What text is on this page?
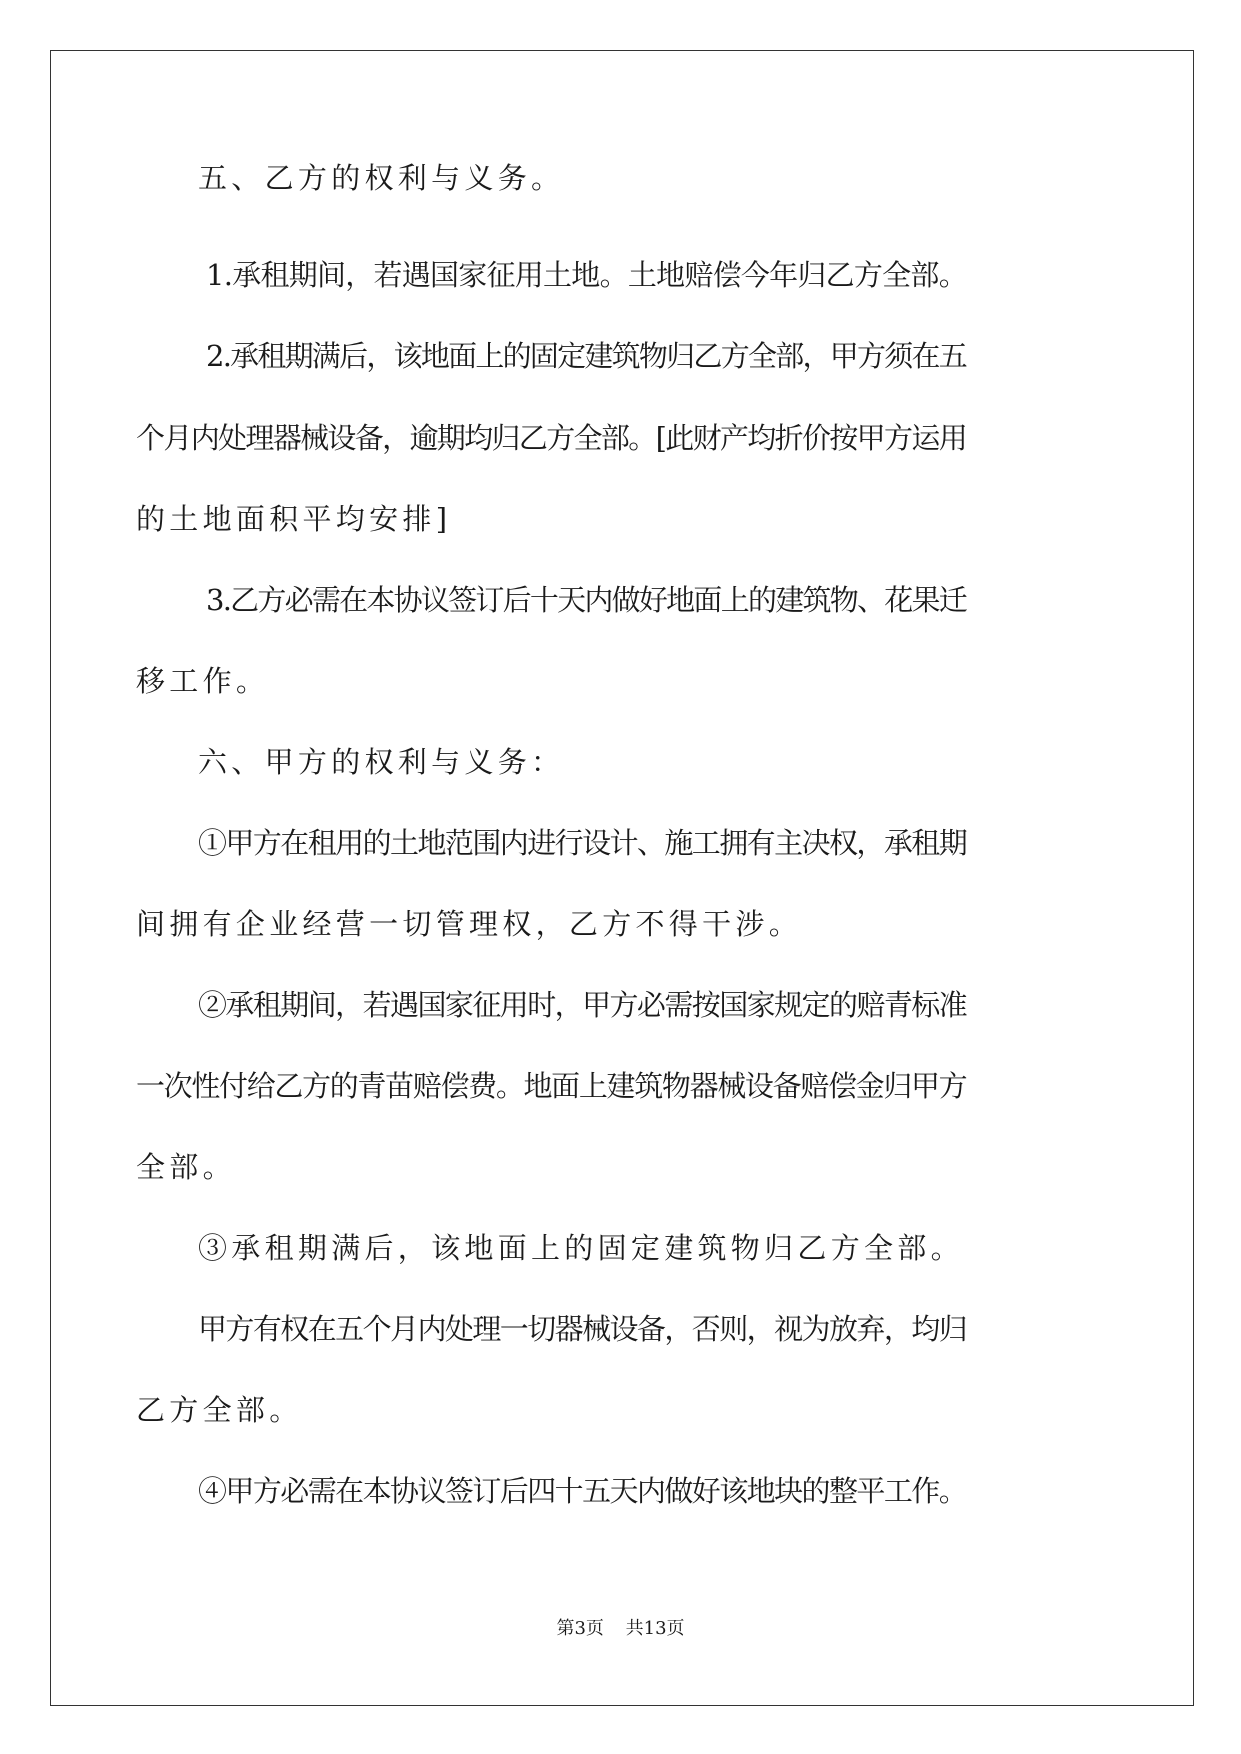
五、乙方的权利与义务。
1.承租期间，若遇国家征用土地。土地赔偿今年归乙方全部。
2.承租期满后，该地面上的固定建筑物归乙方全部，甲方须在五
个月内处理器械设备，逾期均归乙方全部。[此财产均折价按甲方运用
的土地面积平均安排]
3.乙方必需在本协议签订后十天内做好地面上的建筑物、花果迁
移工作。
六、甲方的权利与义务：
①甲方在租用的土地范围内进行设计、施工拥有主决权，承租期
间拥有企业经营一切管理权，乙方不得干涉。
②承租期间，若遇国家征用时，甲方必需按国家规定的赔青标准
一次性付给乙方的青苗赔偿费。地面上建筑物器械设备赔偿金归甲方
全部。
③承租期满后，该地面上的固定建筑物归乙方全部。
甲方有权在五个月内处理一切器械设备，否则，视为放弃，均归
乙方全部。
④甲方必需在本协议签订后四十五天内做好该地块的整平工作。
第3页 共13页
